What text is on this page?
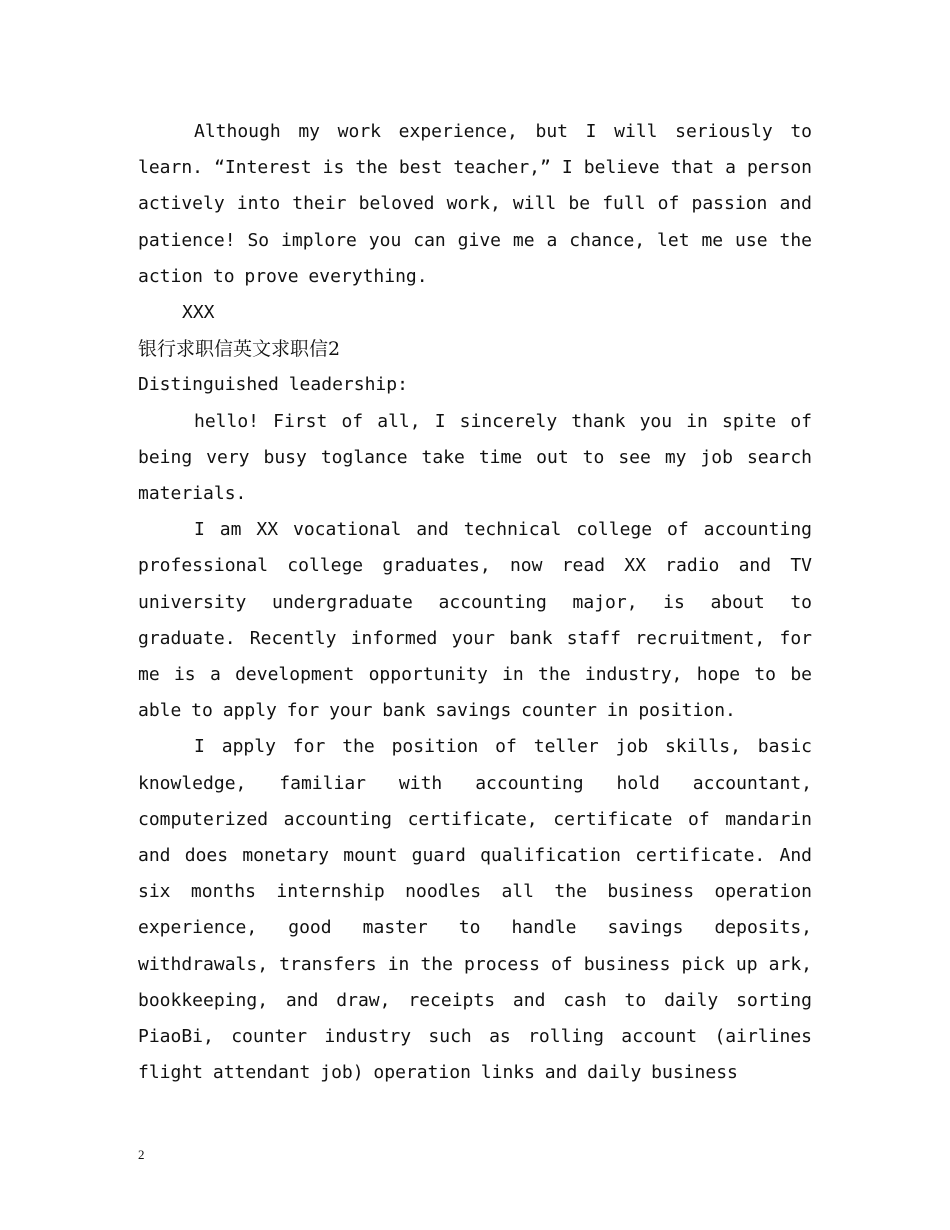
Although my work experience, but I will seriously to learn. “Interest is the best teacher,” I believe that a person actively into their beloved work, will be full of passion and patience! So implore you can give me a chance, let me use the action to prove everything.

XXX

银行求职信英文求职信2

Distinguished leadership:

hello! First of all, I sincerely thank you in spite of being very busy toglance take time out to see my job search materials.

I am XX vocational and technical college of accounting professional college graduates, now read XX radio and TV university undergraduate accounting major, is about to graduate. Recently informed your bank staff recruitment, for me is a development opportunity in the industry, hope to be able to apply for your bank savings counter in position.

I apply for the position of teller job skills, basic knowledge, familiar with accounting hold accountant, computerized accounting certificate, certificate of mandarin and does monetary mount guard qualification certificate. And six months internship noodles all the business operation experience, good master to handle savings deposits, withdrawals, transfers in the process of business pick up ark, bookkeeping, and draw, receipts and cash to daily sorting PiaoBi, counter industry such as rolling account (airlines flight attendant job) operation links and daily business

2
